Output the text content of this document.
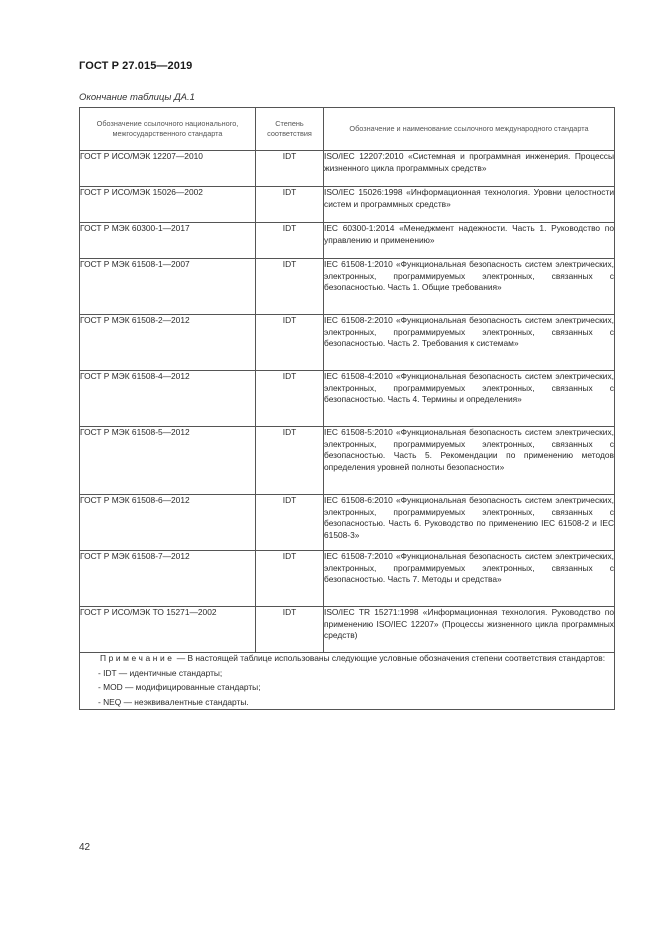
ГОСТ Р 27.015—2019
Окончание таблицы ДА.1
Обозначение ссылочного национального, межгосударственного стандарта	Степень соответствия	Обозначение и наименование ссылочного международного стандарта
ГОСТ Р ИСО/МЭК 12207—2010	IDT	ISO/IEC 12207:2010 «Системная и программная инженерия. Процессы жизненного цикла программных средств»
ГОСТ Р ИСО/МЭК 15026—2002	IDT	ISO/IEC 15026:1998 «Информационная технология. Уровни целостности систем и программных средств»
ГОСТ Р МЭК 60300-1—2017	IDT	IEC 60300-1:2014 «Менеджмент надежности. Часть 1. Руководство по управлению и применению»
ГОСТ Р МЭК 61508-1—2007	IDT	IEC 61508-1:2010 «Функциональная безопасность систем электрических, электронных, программируемых электронных, связанных с безопасностью. Часть 1. Общие требования»
ГОСТ Р МЭК 61508-2—2012	IDT	IEC 61508-2:2010 «Функциональная безопасность систем электрических, электронных, программируемых электронных, связанных с безопасностью. Часть 2. Требования к системам»
ГОСТ Р МЭК 61508-4—2012	IDT	IEC 61508-4:2010 «Функциональная безопасность систем электрических, электронных, программируемых электронных, связанных с безопасностью. Часть 4. Термины и определения»
ГОСТ Р МЭК 61508-5—2012	IDT	IEC 61508-5:2010 «Функциональная безопасность систем электрических, электронных, программируемых электронных, связанных с безопасностью. Часть 5. Рекомендации по применению методов определения уровней полноты безопасности»
ГОСТ Р МЭК 61508-6—2012	IDT	IEC 61508-6:2010 «Функциональная безопасность систем электрических, электронных, программируемых электронных, связанных с безопасностью. Часть 6. Руководство по применению IEC 61508-2 и IEC 61508-3»
ГОСТ Р МЭК 61508-7—2012	IDT	IEC 61508-7:2010 «Функциональная безопасность систем электрических, электронных, программируемых электронных, связанных с безопасностью. Часть 7. Методы и средства»
ГОСТ Р ИСО/МЭК ТО 15271—2002	IDT	ISO/IEC TR 15271:1998 «Информационная технология. Руководство по применению ISO/IEC 12207» (Процессы жизненного цикла программных средств)

Примечание — В настоящей таблице использованы следующие условные обозначения степени соответствия стандартов:
- IDT — идентичные стандарты;
- MOD — модифицированные стандарты;
- NEQ — неэквивалентные стандарты.		
42
